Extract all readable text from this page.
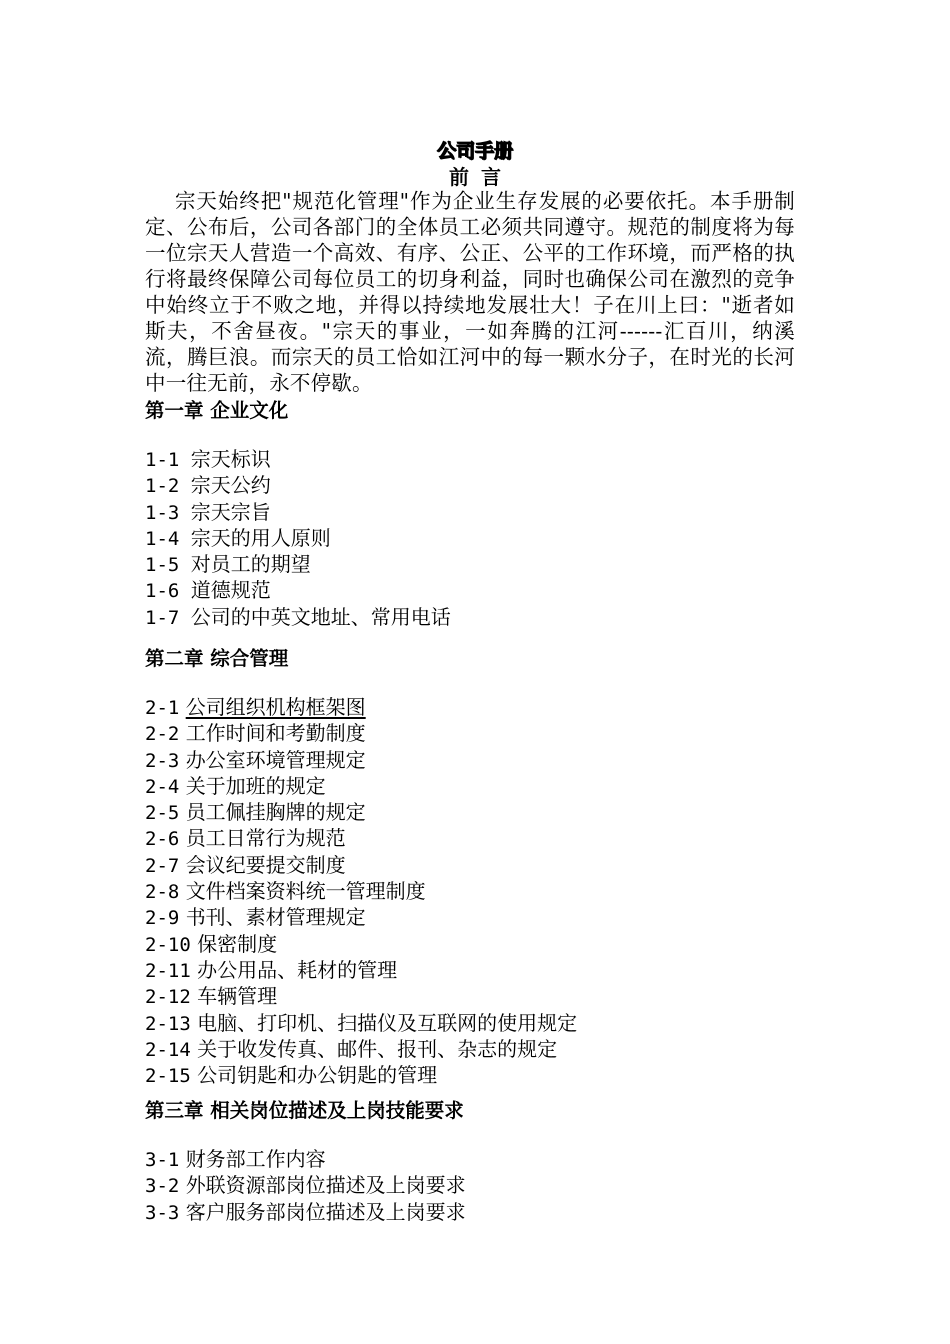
公司手册
前言

宗天始终把"规范化管理"作为企业生存发展的必要依托。本手册制定、公布后，公司各部门的全体员工必须共同遵守。规范的制度将为每一位宗天人营造一个高效、有序、公正、公平的工作环境，而严格的执行将最终保障公司每位员工的切身利益，同时也确保公司在激烈的竞争中始终立于不败之地，并得以持续地发展壮大！子在川上曰："逝者如斯夫，不舍昼夜。"宗天的事业，一如奔腾的江河------汇百川，纳溪流，腾巨浪。而宗天的员工恰如江河中的每一颗水分子，在时光的长河中一往无前，永不停歇。

第一章 企业文化
1-1 宗天标识
1-2 宗天公约
1-3 宗天宗旨
1-4 宗天的用人原则
1-5 对员工的期望
1-6 道德规范
1-7 公司的中英文地址、常用电话
第二章 综合管理
2-1 公司组织机构框架图
2-2 工作时间和考勤制度
2-3 办公室环境管理规定
2-4 关于加班的规定
2-5 员工佩挂胸牌的规定
2-6 员工日常行为规范
2-7 会议纪要提交制度
2-8 文件档案资料统一管理制度
2-9 书刊、素材管理规定
2-10 保密制度
2-11 办公用品、耗材的管理
2-12 车辆管理
2-13 电脑、打印机、扫描仪及互联网的使用规定
2-14 关于收发传真、邮件、报刊、杂志的规定
2-15 公司钥匙和办公钥匙的管理
第三章 相关岗位描述及上岗技能要求
3-1 财务部工作内容
3-2 外联资源部岗位描述及上岗要求
3-3 客户服务部岗位描述及上岗要求
